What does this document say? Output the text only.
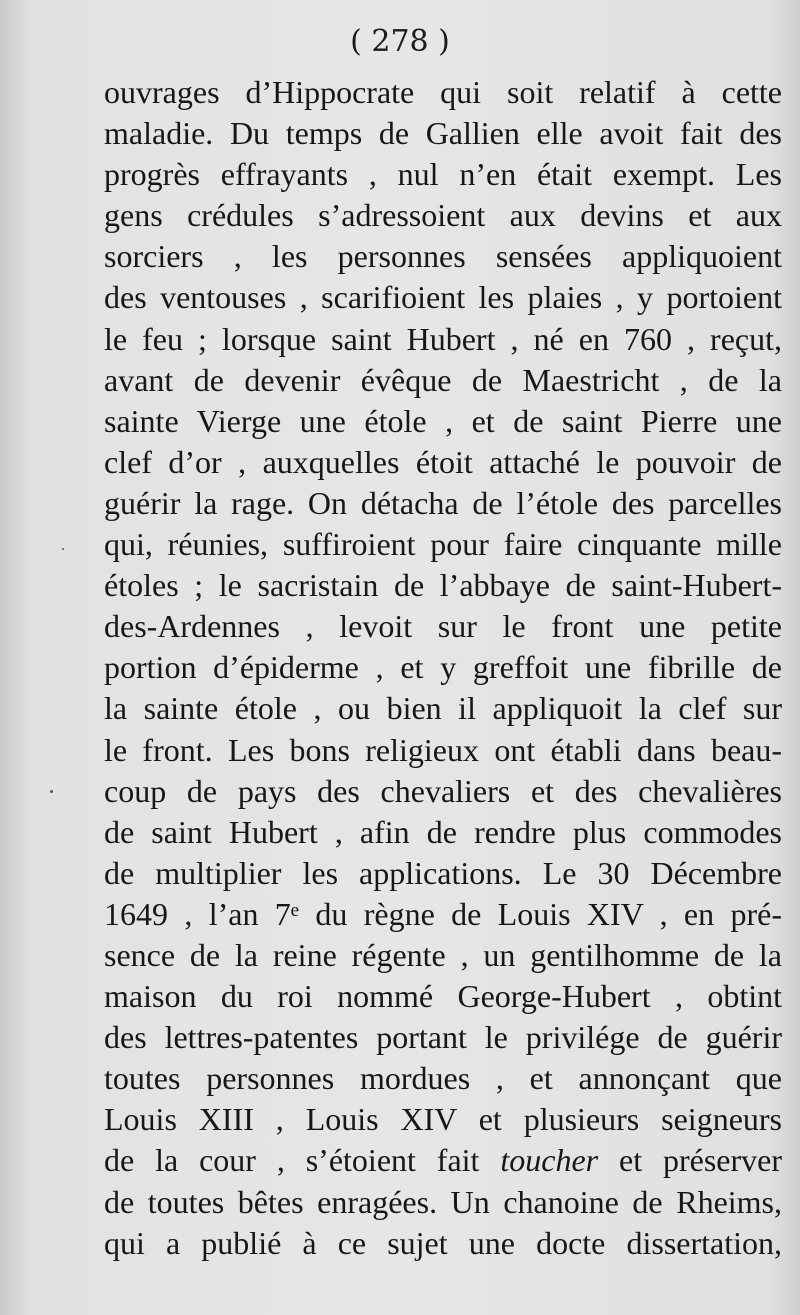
( 278 )
ouvrages d’Hippocrate qui soit relatif à cette
maladie. Du temps de Gallien elle avoit fait des
progrès effrayants , nul n’en était exempt. Les
gens crédules s’adressoient aux devins et aux
sorciers , les personnes sensées appliquoient
des ventouses , scarifioient les plaies , y portoient
le feu ; lorsque saint Hubert , né en 760 , reçut,
avant de devenir évêque de Maestricht , de la
sainte Vierge une étole , et de saint Pierre une
clef d’or , auxquelles étoit attaché le pouvoir de
guérir la rage. On détacha de l’étole des parcelles
qui, réunies, suffiroient pour faire cinquante mille
étoles ; le sacristain de l’abbaye de saint-Hubert-
des-Ardennes , levoit sur le front une petite
portion d’épiderme , et y greffoit une fibrille de
la sainte étole , ou bien il appliquoit la clef sur
le front. Les bons religieux ont établi dans beau-
coup de pays des chevaliers et des chevalières
de saint Hubert , afin de rendre plus commodes
de multiplier les applications. Le 30 Décembre
1649 , l’an 7ᵉ du règne de Louis XIV , en pré-
sence de la reine régente , un gentilhomme de la
maison du roi nommé George-Hubert , obtint
des lettres-patentes portant le privilége de guérir
toutes personnes mordues , et annonçant que
Louis XIII , Louis XIV et plusieurs seigneurs
de la cour , s’étoient fait toucher et préserver
de toutes bêtes enragées. Un chanoine de Rheims,
qui a publié à ce sujet une docte dissertation,
